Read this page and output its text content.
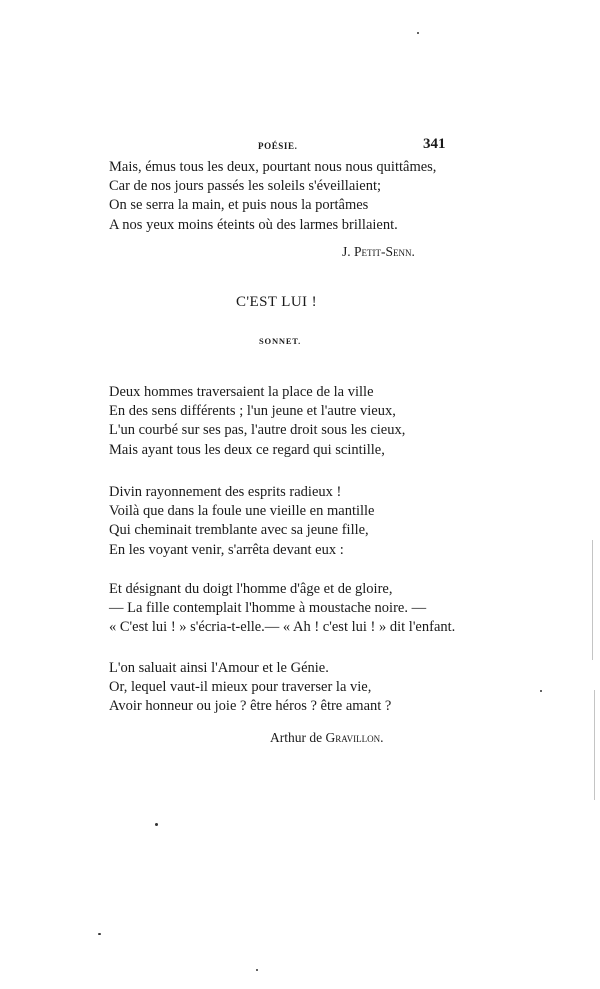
POÉSIE.	341
Mais, émus tous les deux, pourtant nous nous quittâmes,
Car de nos jours passés les soleils s'éveillaient;
On se serra la main, et puis nous la portâmes
A nos yeux moins éteints où des larmes brillaient.
J. Petit-Senn.
C'EST LUI !
SONNET.
Deux hommes traversaient la place de la ville
En des sens différents ; l'un jeune et l'autre vieux,
L'un courbé sur ses pas, l'autre droit sous les cieux,
Mais ayant tous les deux ce regard qui scintille,
Divin rayonnement des esprits radieux !
Voilà que dans la foule une vieille en mantille
Qui cheminait tremblante avec sa jeune fille,
En les voyant venir, s'arrêta devant eux :
Et désignant du doigt l'homme d'âge et de gloire,
— La fille contemplait l'homme à moustache noire. —
« C'est lui ! » s'écria-t-elle.— « Ah ! c'est lui ! » dit l'enfant.
L'on saluait ainsi l'Amour et le Génie.
Or, lequel vaut-il mieux pour traverser la vie,
Avoir honneur ou joie ? être héros ? être amant ?
Arthur de Gravillon.
